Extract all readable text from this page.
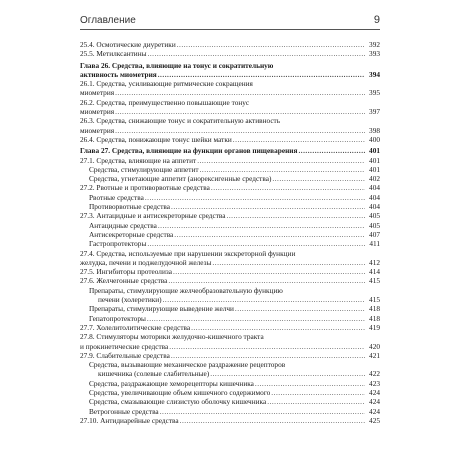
Оглавление	9
25.4. Осмотические диуретики .....	392
25.5. Метилксантины .....	393
Глава 26. Средства, влияющие на тонус и сократительную
активность миометрия .....	394
26.1. Средства, усиливающие ритмические сокращения
миометрия .....	395
26.2. Средства, преимущественно повышающие тонус
миометрия .....	397
26.3. Средства, снижающие тонус и сократительную активность
миометрия .....	398
26.4. Средства, понижающие тонус шейки матки .....	400
Глава 27. Средства, влияющие на функции органов пищеварения .....	401
27.1. Средства, влияющие на аппетит .....	401
Средства, стимулирующие аппетит .....	401
Средства, угнетающие аппетит (анорексигенные средства) .....	402
27.2. Рвотные и противорвотные средства .....	404
Рвотные средства .....	404
Противорвотные средства .....	404
27.3. Антацидные и антисекреторные средства .....	405
Антацидные средства .....	405
Антисекреторные средства .....	407
Гастропротекторы .....	411
27.4. Средства, используемые при нарушении экскреторной функции
желудка, печени и поджелудочной железы .....	412
27.5. Ингибиторы протеолиза .....	414
27.6. Желчегонные средства .....	415
Препараты, стимулирующие желчеобразовательную функцию
печени (холеретики) .....	415
Препараты, стимулирующие выведение желчи .....	418
Гепатопротекторы .....	418
27.7. Холелитолитические средства .....	419
27.8. Стимуляторы моторики желудочно-кишечного тракта
и прокинетические средства .....	420
27.9. Слабительные средства .....	421
Средства, вызывающие механическое раздражение рецепторов
кишечника (солевые слабительные) .....	422
Средства, раздражающие хеморецепторы кишечника .....	423
Средства, увеличивающие объем кишечного содержимого .....	424
Средства, смазывающие слизистую оболочку кишечника .....	424
Ветрогонные средства .....	424
27.10. Антидиарейные средства .....	425
